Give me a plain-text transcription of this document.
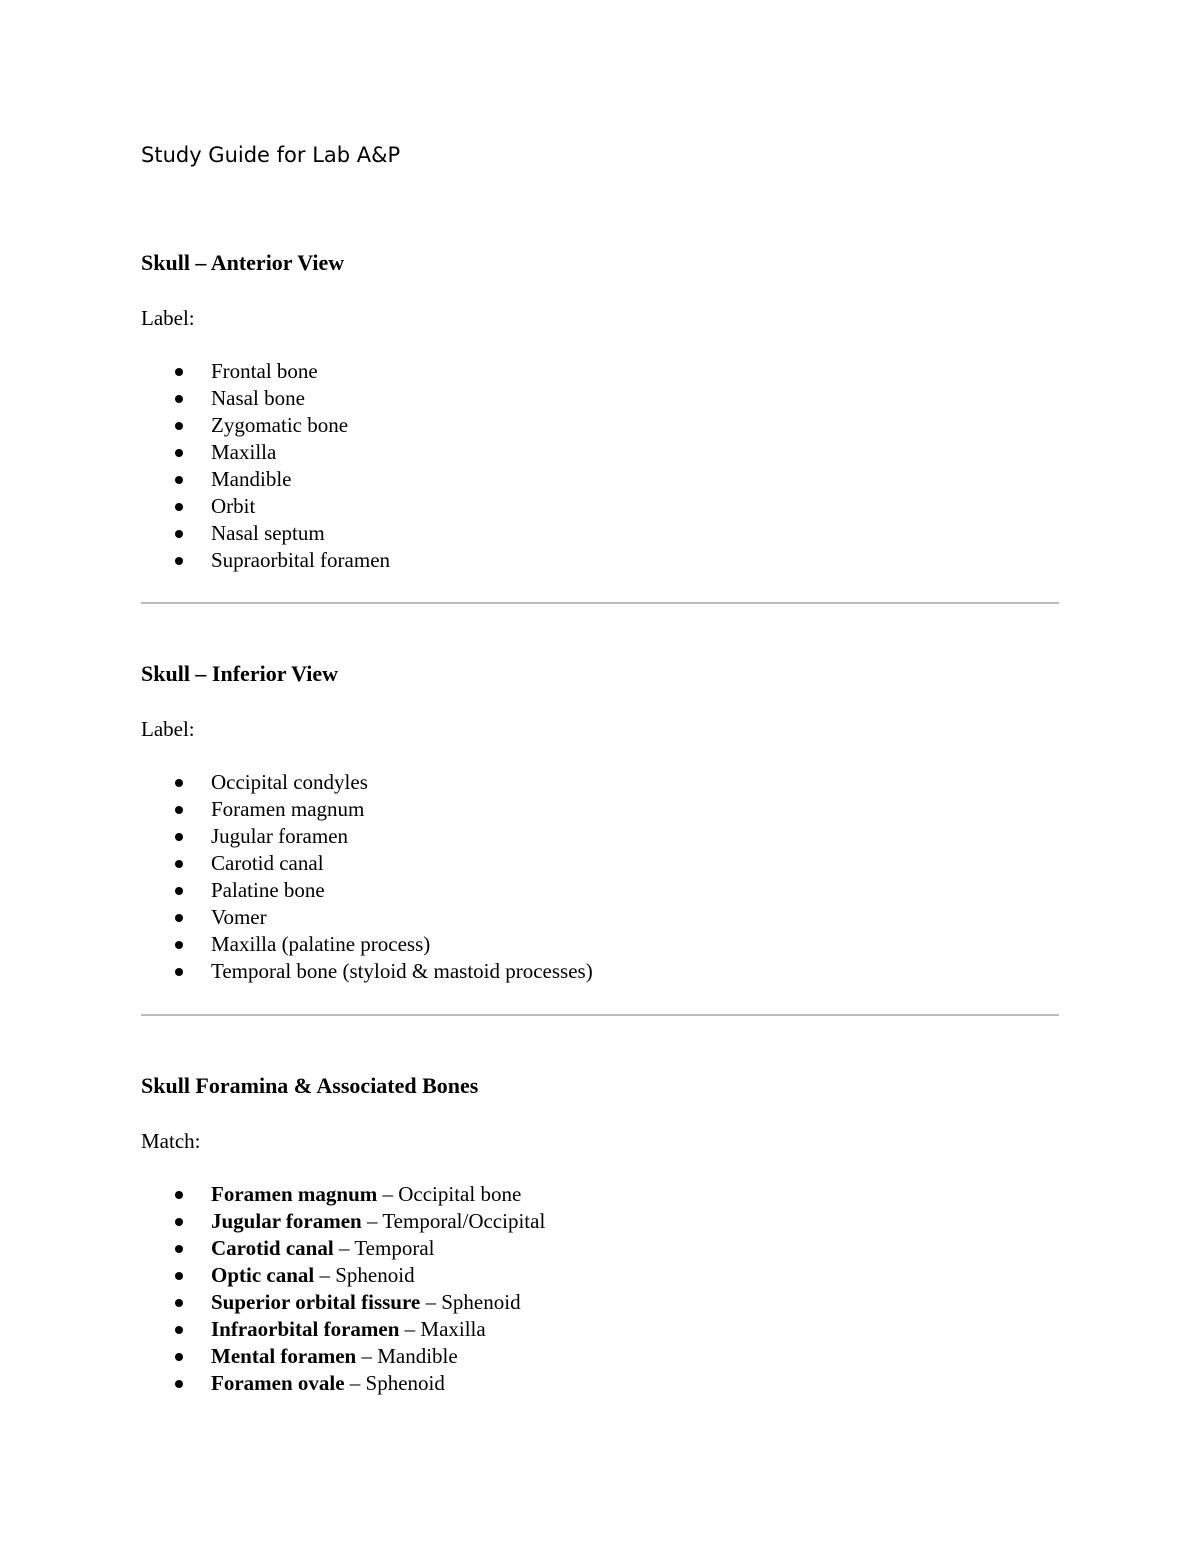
Study Guide for Lab A&P
Skull – Anterior View
Label:
Frontal bone
Nasal bone
Zygomatic bone
Maxilla
Mandible
Orbit
Nasal septum
Supraorbital foramen
Skull – Inferior View
Label:
Occipital condyles
Foramen magnum
Jugular foramen
Carotid canal
Palatine bone
Vomer
Maxilla (palatine process)
Temporal bone (styloid & mastoid processes)
Skull Foramina & Associated Bones
Match:
Foramen magnum – Occipital bone
Jugular foramen – Temporal/Occipital
Carotid canal – Temporal
Optic canal – Sphenoid
Superior orbital fissure – Sphenoid
Infraorbital foramen – Maxilla
Mental foramen – Mandible
Foramen ovale – Sphenoid
